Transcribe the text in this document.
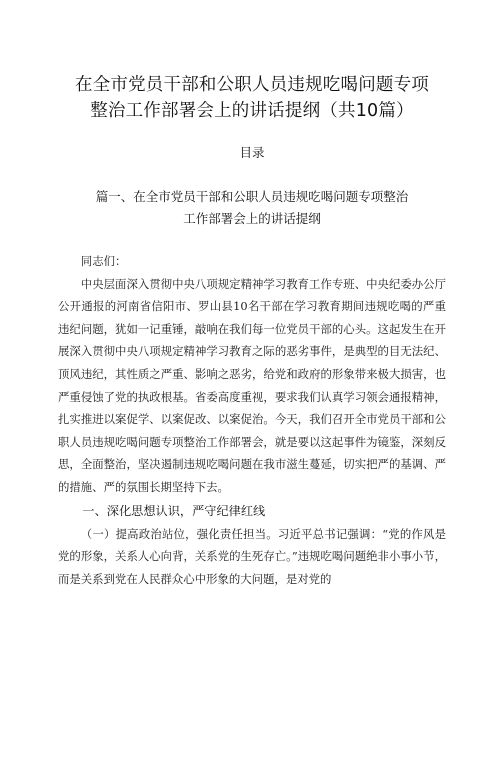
在全市党员干部和公职人员违规吃喝问题专项
整治工作部署会上的讲话提纲（共10篇）
目录
篇一、在全市党员干部和公职人员违规吃喝问题专项整治
工作部署会上的讲话提纲

同志们：

中央层面深入贯彻中央八项规定精神学习教育工作专班、中央纪委办公厅公开通报的河南省信阳市、罗山县10名干部在学习教育期间违规吃喝的严重违纪问题，犹如一记重锤，敲响在我们每一位党员干部的心头。这起发生在开展深入贯彻中央八项规定精神学习教育之际的恶劣事件，是典型的目无法纪、顶风违纪，其性质之严重、影响之恶劣，给党和政府的形象带来极大损害，也严重侵蚀了党的执政根基。省委高度重视，要求我们认真学习领会通报精神，扎实推进以案促学、以案促改、以案促治。今天，我们召开全市党员干部和公职人员违规吃喝问题专项整治工作部署会，就是要以这起事件为镜鉴，深刻反思，全面整治，坚决遏制违规吃喝问题在我市滋生蔓延，切实把严的基调、严的措施、严的氛围长期坚持下去。

一、深化思想认识，严守纪律红线

（一）提高政治站位，强化责任担当。习近平总书记强调：“党的作风是党的形象，关系人心向背，关系党的生死存亡。”违规吃喝问题绝非小事小节，而是关系到党在人民群众心中形象的大问题，是对党的
